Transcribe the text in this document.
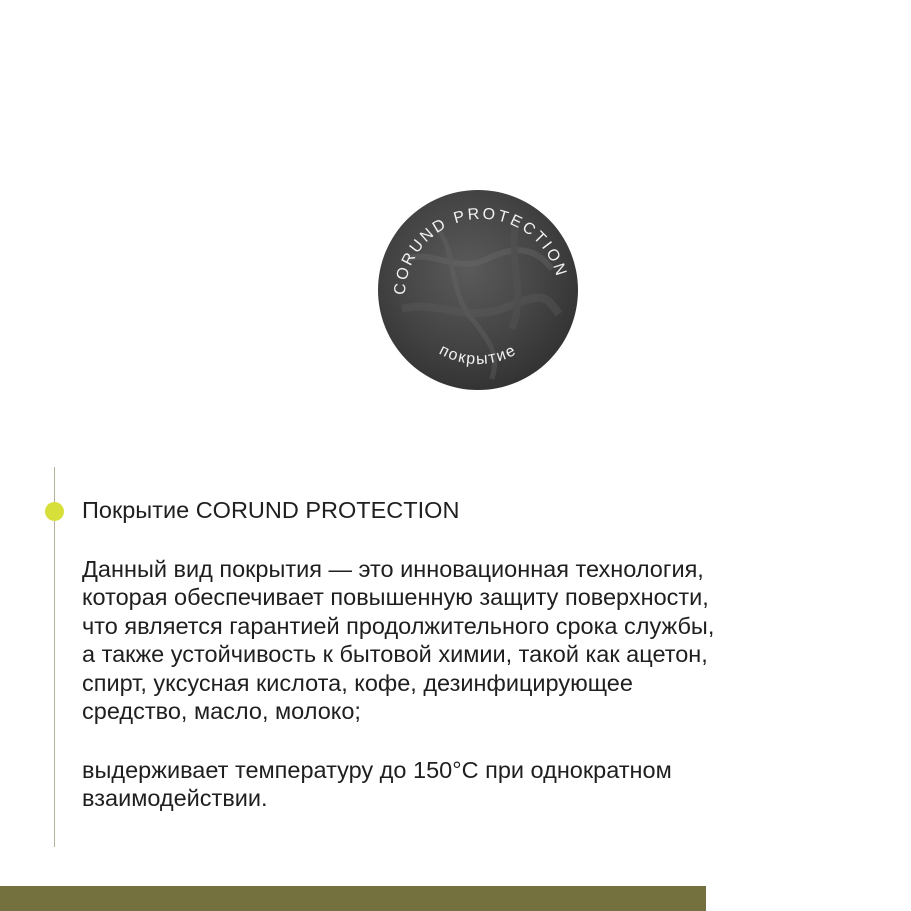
CORUND PROTECTION
покрытие
Покрытие CORUND PROTECTION

Данный вид покрытия — это инновационная технология,
которая обеспечивает повышенную защиту поверхности,
что является гарантией продолжительного срока службы,
а также устойчивость к бытовой химии, такой как ацетон,
спирт, уксусная кислота, кофе, дезинфицирующее
средство, масло, молоко;

выдерживает температуру до 150°C при однократном
взаимодействии.
